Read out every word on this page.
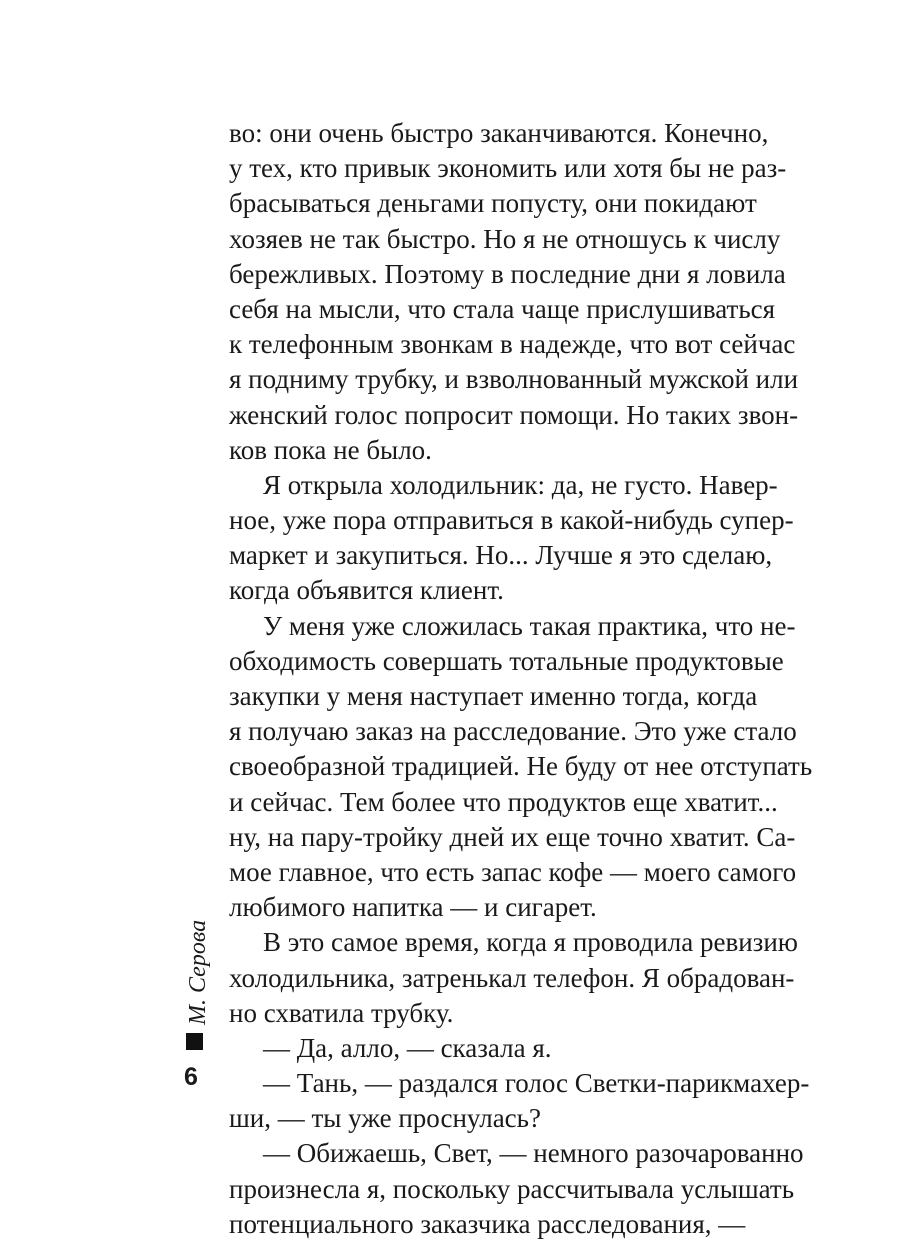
во: они очень быстро заканчиваются. Конечно,
у тех, кто привык экономить или хотя бы не раз-
брасываться деньгами попусту, они покидают
хозяев не так быстро. Но я не отношусь к числу
бережливых. Поэтому в последние дни я ловила
себя на мысли, что стала чаще прислушиваться
к телефонным звонкам в надежде, что вот сейчас
я подниму трубку, и взволнованный мужской или
женский голос попросит помощи. Но таких звон-
ков пока не было.
Я открыла холодильник: да, не густо. Навер-
ное, уже пора отправиться в какой-нибудь супер-
маркет и закупиться. Но... Лучше я это сделаю,
когда объявится клиент.
У меня уже сложилась такая практика, что не-
обходимость совершать тотальные продуктовые
закупки у меня наступает именно тогда, когда
я получаю заказ на расследование. Это уже стало
своеобразной традицией. Не буду от нее отступать
и сейчас. Тем более что продуктов еще хватит...
ну, на пару-тройку дней их еще точно хватит. Са-
мое главное, что есть запас кофе — моего самого
любимого напитка — и сигарет.
В это самое время, когда я проводила ревизию
холодильника, затренькал телефон. Я обрадован-
но схватила трубку.
— Да, алло, — сказала я.
— Тань, — раздался голос Светки-парикмахер-
ши, — ты уже проснулась?
— Обижаешь, Свет, — немного разочарованно
произнесла я, поскольку рассчитывала услышать
потенциального заказчика расследования, —
М. Серова
6
